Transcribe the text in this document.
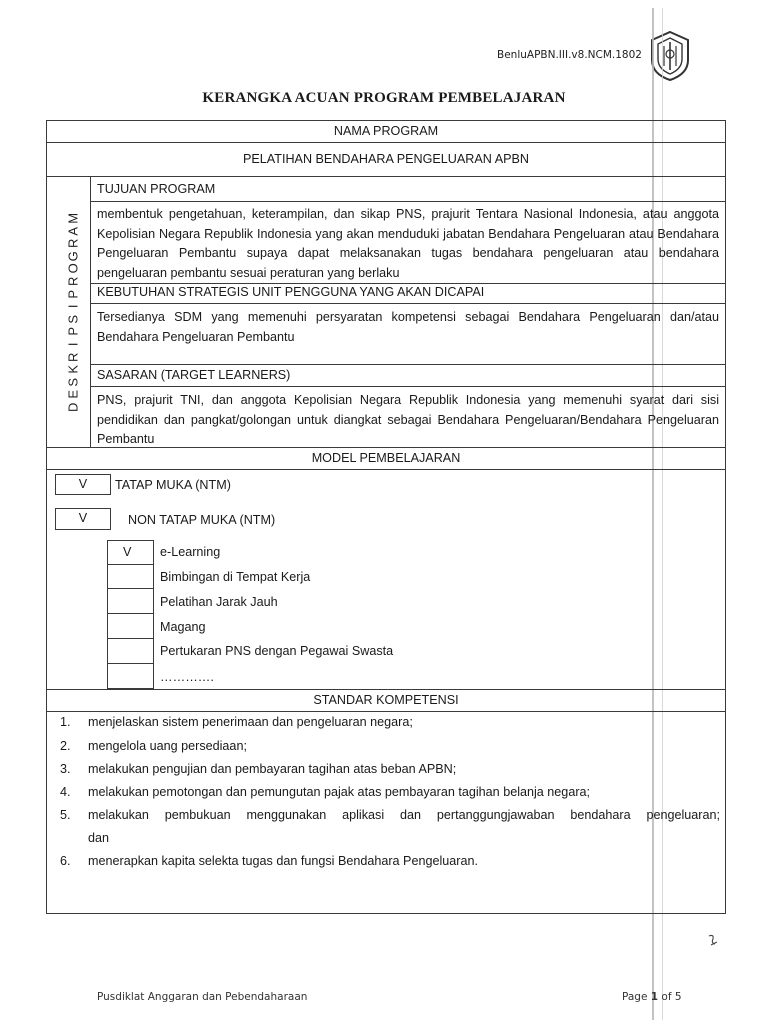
BenluAPBN.III.v8.NCM.1802
KERANGKA ACUAN PROGRAM PEMBELAJARAN
NAMA PROGRAM
PELATIHAN BENDAHARA PENGELUARAN APBN
M
A
R
G
O
R
P
I
S
P
I
R
K
S
E
D
TUJUAN PROGRAM
membentuk pengetahuan, keterampilan, dan sikap PNS, prajurit Tentara Nasional Indonesia, atau anggota Kepolisian Negara Republik Indonesia yang akan menduduki jabatan Bendahara Pengeluaran atau Bendahara Pengeluaran Pembantu supaya dapat melaksanakan tugas bendahara pengeluaran atau bendahara pengeluaran pembantu sesuai peraturan yang berlaku
KEBUTUHAN STRATEGIS UNIT PENGGUNA YANG AKAN DICAPAI
Tersedianya SDM yang memenuhi persyaratan kompetensi sebagai Bendahara Pengeluaran dan/atau Bendahara Pengeluaran Pembantu
SASARAN (TARGET LEARNERS)
PNS, prajurit TNI, dan anggota Kepolisian Negara Republik Indonesia yang memenuhi syarat dari sisi pendidikan dan pangkat/golongan untuk diangkat sebagai Bendahara Pengeluaran/Bendahara Pengeluaran Pembantu
MODEL PEMBELAJARAN
V	TATAP MUKA (NTM)
V	NON TATAP MUKA (NTM)
V e-Learning
Bimbingan di Tempat Kerja
Pelatihan Jarak Jauh
Magang
Pertukaran PNS dengan Pegawai Swasta
………….
STANDAR KOMPETENSI
1. menjelaskan sistem penerimaan dan pengeluaran negara;
2. mengelola uang persediaan;
3. melakukan pengujian dan pembayaran tagihan atas beban APBN;
4. melakukan pemotongan dan pemungutan pajak atas pembayaran tagihan belanja negara;
5. melakukan pembukuan menggunakan aplikasi dan pertanggungjawaban bendahara pengeluaran;
dan
6. menerapkan kapita selekta tugas dan fungsi Bendahara Pengeluaran.
Pusdiklat Anggaran dan Pebendaharaan	Page 1 of 5
